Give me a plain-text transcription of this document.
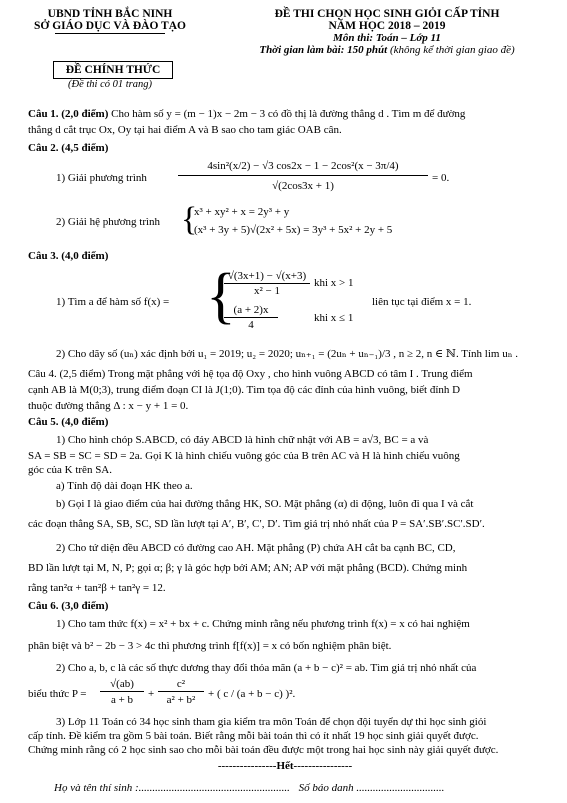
UBND TỈNH BẮC NINH
SỞ GIÁO DỤC VÀ ĐÀO TẠO
ĐỀ CHÍNH THỨC
(Đề thi có 01 trang)
ĐỀ THI CHỌN HỌC SINH GIỎI CẤP TỈNH
NĂM HỌC 2018 – 2019
Môn thi: Toán – Lớp 11
Thời gian làm bài: 150 phút (không kể thời gian giao đề)
Câu 1. (2,0 điểm) Cho hàm số y = (m − 1)x − 2m − 3 có đồ thị là đường thẳng d . Tìm m để đường
thẳng d cắt trục Ox, Oy tại hai điểm A và B sao cho tam giác OAB cân.
Câu 2. (4,5 điểm)
1) Giải phương trình
4sin²(x/2) − √3 cos2x − 1 − 2cos²(x − 3π/4)
√(2cos3x + 1)
= 0.
2) Giải hệ phương trình {
x³ + xy² + x = 2y³ + y
(x³ + 3y + 5)√(2x² + 5x) = 3y³ + 5x² + 2y + 5
Câu 3. (4,0 điểm)
1) Tìm a để hàm số f(x) = {
√(3x+1) − √(x+3)
x² − 1
khi x > 1
(a + 2)x
4
khi x ≤ 1
liên tục tại điểm x = 1.
2) Cho dãy số (uₙ) xác định bởi u₁ = 2019; u₂ = 2020; uₙ₊₁ = (2uₙ + uₙ₋₁)/3 , n ≥ 2, n ∈ ℕ. Tính lim uₙ .
Câu 4. (2,5 điểm) Trong mặt phẳng với hệ tọa độ Oxy , cho hình vuông ABCD có tâm I . Trung điểm
cạnh AB là M(0;3), trung điểm đoạn CI là J(1;0). Tìm tọa độ các đỉnh của hình vuông, biết đỉnh D
thuộc đường thẳng Δ : x − y + 1 = 0.
Câu 5. (4,0 điểm)
1) Cho hình chóp S.ABCD, có đáy ABCD là hình chữ nhật với AB = a√3, BC = a và
SA = SB = SC = SD = 2a. Gọi K là hình chiếu vuông góc của B trên AC và H là hình chiếu vuông
góc của K trên SA.
a) Tính độ dài đoạn HK theo a.
b) Gọi I là giao điểm của hai đường thẳng HK, SO. Mặt phẳng (α) di động, luôn đi qua I và cắt
các đoạn thẳng SA, SB, SC, SD lần lượt tại A′, B′, C′, D′. Tìm giá trị nhỏ nhất của P = SA′.SB′.SC′.SD′.
2) Cho tứ diện đều ABCD có đường cao AH. Mặt phẳng (P) chứa AH cắt ba cạnh BC, CD,
BD lần lượt tại M, N, P; gọi α; β; γ là góc hợp bởi AM; AN; AP với mặt phẳng (BCD). Chứng minh
rằng tan²α + tan²β + tan²γ = 12.
Câu 6. (3,0 điểm)
1) Cho tam thức f(x) = x² + bx + c. Chứng minh rằng nếu phương trình f(x) = x có hai nghiệm
phân biệt và b² − 2b − 3 > 4c thì phương trình f[f(x)] = x có bốn nghiệm phân biệt.
2) Cho a, b, c là các số thực dương thay đổi thỏa mãn (a + b − c)² = ab. Tìm giá trị nhỏ nhất của
biểu thức P =
√(ab)
a + b	+
c²
a² + b²	+ ( c / (a + b − c) )².
3) Lớp 11 Toán có 34 học sinh tham gia kiểm tra môn Toán để chọn đội tuyển dự thi học sinh giỏi
cấp tỉnh. Đề kiểm tra gồm 5 bài toán. Biết rằng mỗi bài toán thì có ít nhất 19 học sinh giải quyết được.
Chứng minh rằng có 2 học sinh sao cho mỗi bài toán đều được một trong hai học sinh này giải quyết được.
----------------Hết----------------
Họ và tên thí sinh :....................................................... Số báo danh ................................
